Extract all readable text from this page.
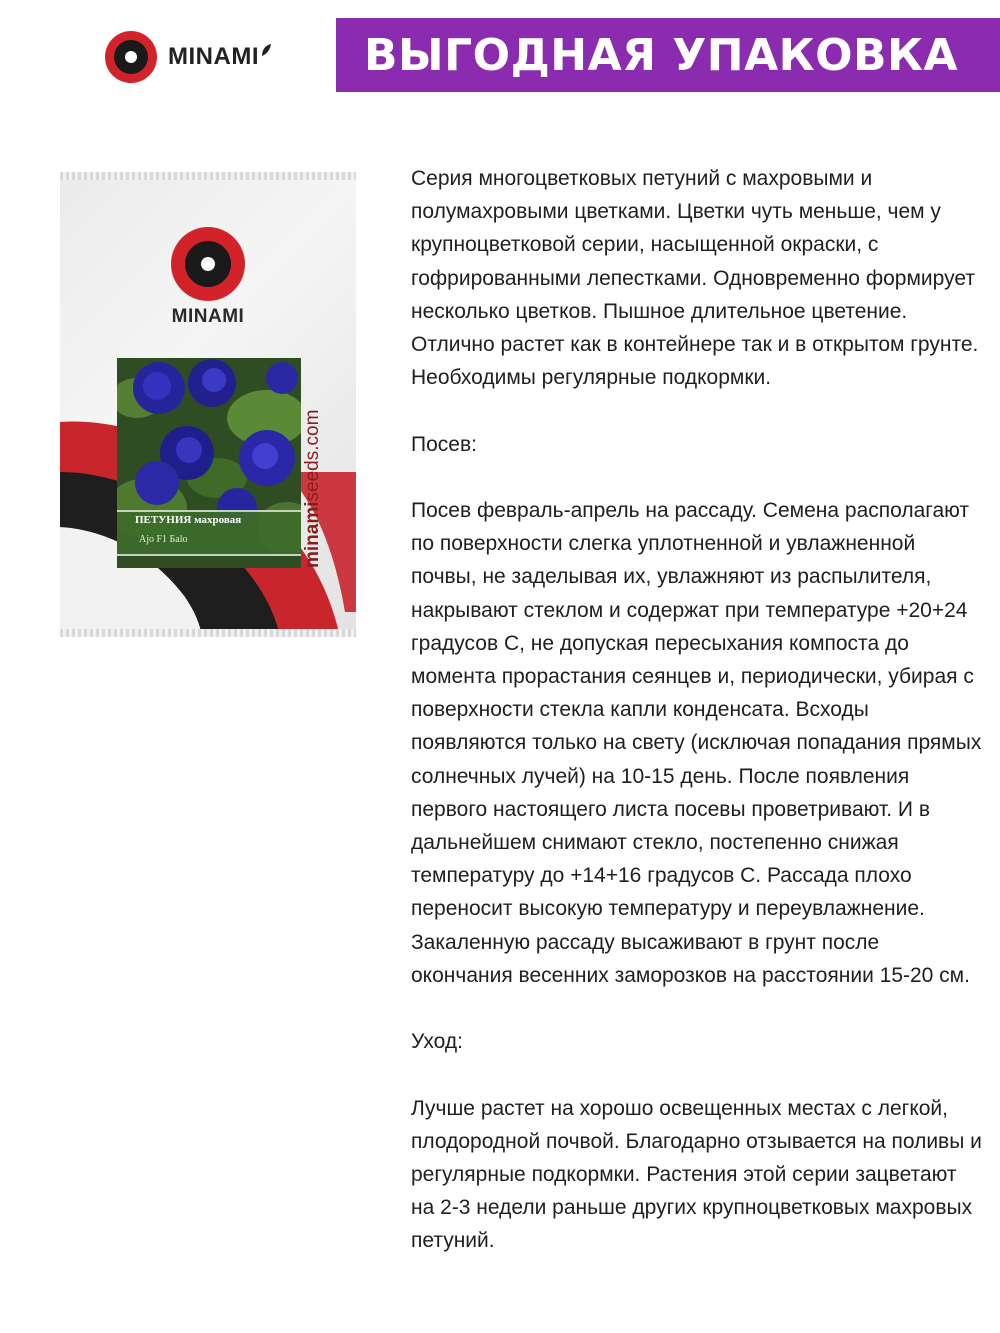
MINAMI ВЫГОДНАЯ УПАКОВКА
MINAMI
ПЕТУНИЯ махровая
Аjo F1 Бalo	minamiseeds.com

Серия многоцветковых петуний с махровыми и полумахровыми цветками. Цветки чуть меньше, чем у крупноцветковой серии, насыщенной окраски, с гофрированными лепестками. Одновременно формирует несколько цветков. Пышное длительное цветение. Отлично растет как в контейнере так и в открытом грунте. Необходимы регулярные подкормки.

Посев:

Посев февраль-апрель на рассаду. Семена располагают по поверхности слегка уплотненной и увлажненной почвы, не заделывая их, увлажняют из распылителя, накрывают стеклом и содержат при температуре +20+24 градусов С, не допуская пересыхания компоста до момента прорастания сеянцев и, периодически, убирая с поверхности стекла капли конденсата. Всходы появляются только на свету (исключая попадания прямых солнечных лучей) на 10-15 день. После появления первого настоящего листа посевы проветривают. И в дальнейшем снимают стекло, постепенно снижая температуру до +14+16 градусов С. Рассада плохо переносит высокую температуру и переувлажнение. Закаленную рассаду высаживают в грунт после окончания весенних заморозков на расстоянии 15-20 см.

Уход:

Лучше растет на хорошо освещенных местах с легкой, плодородной почвой. Благодарно отзывается на поливы и регулярные подкормки. Растения этой серии зацветают на 2-3 недели раньше других крупноцветковых махровых петуний.
